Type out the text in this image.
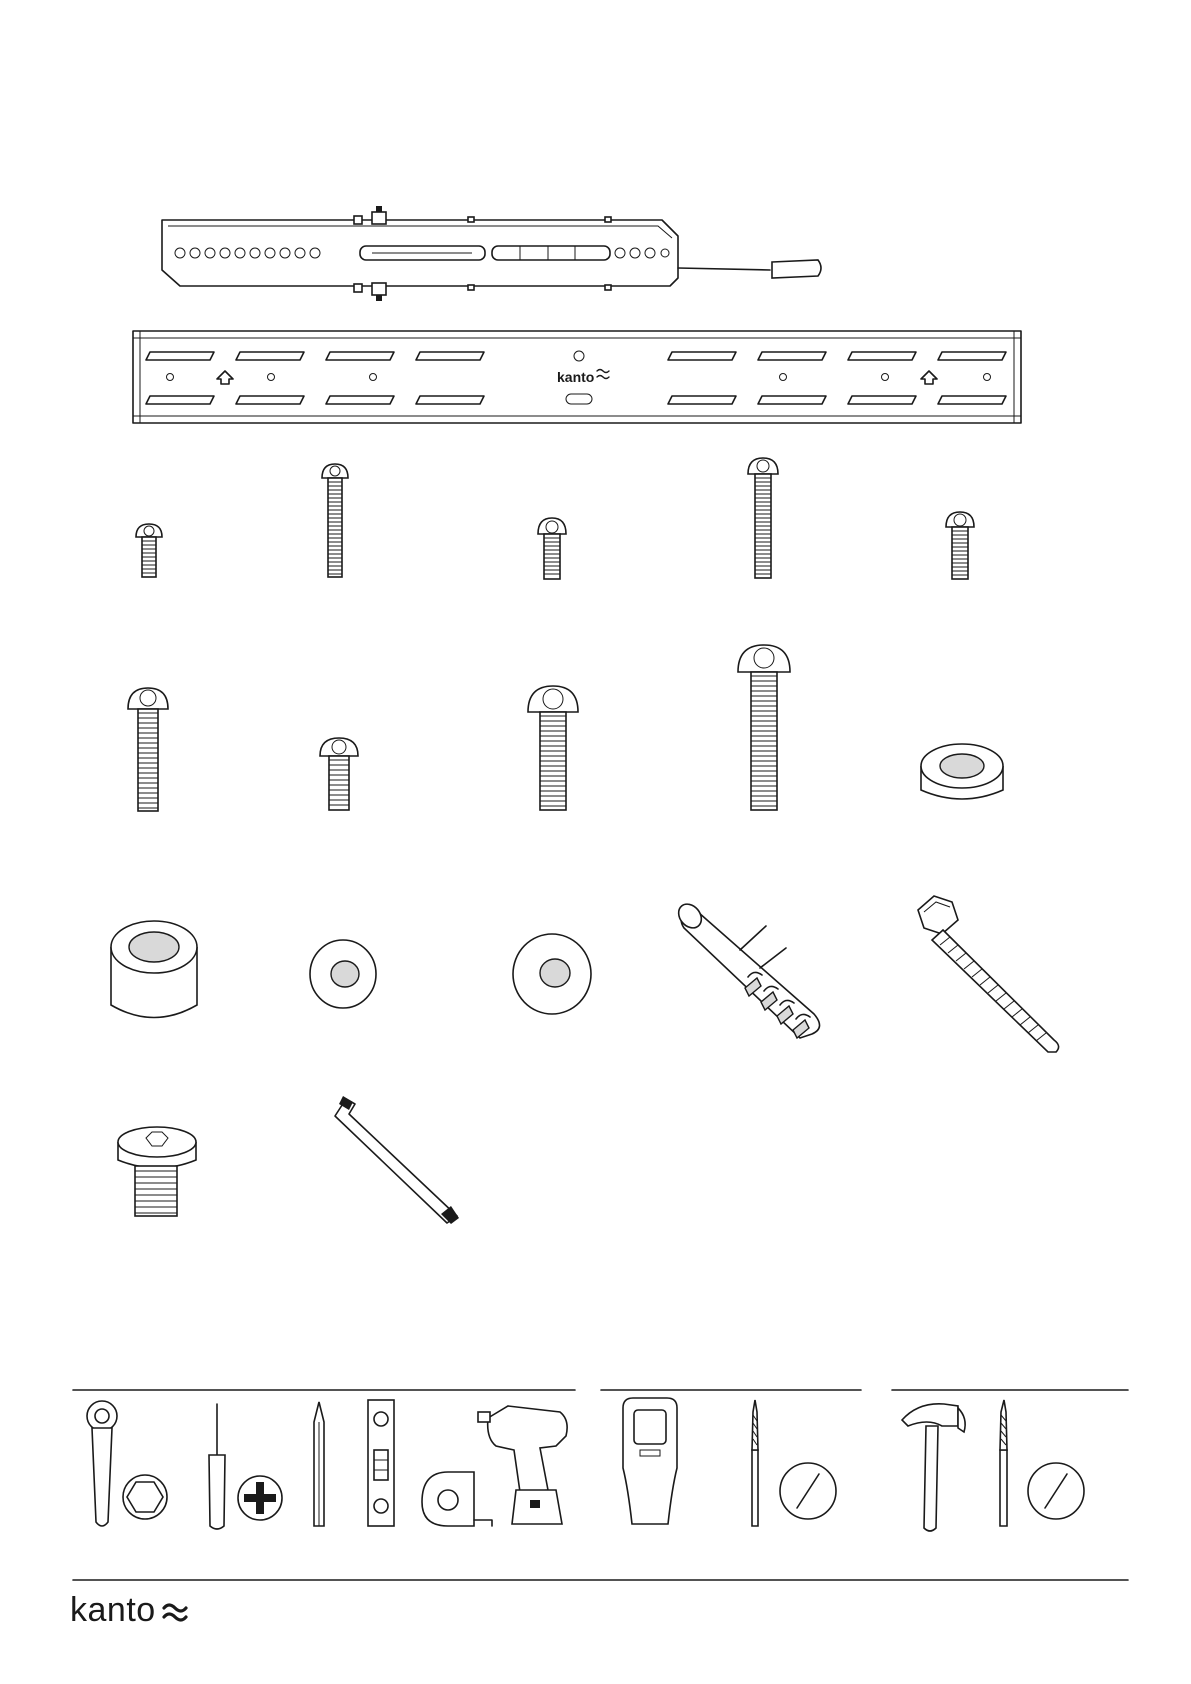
kanto
kanto
